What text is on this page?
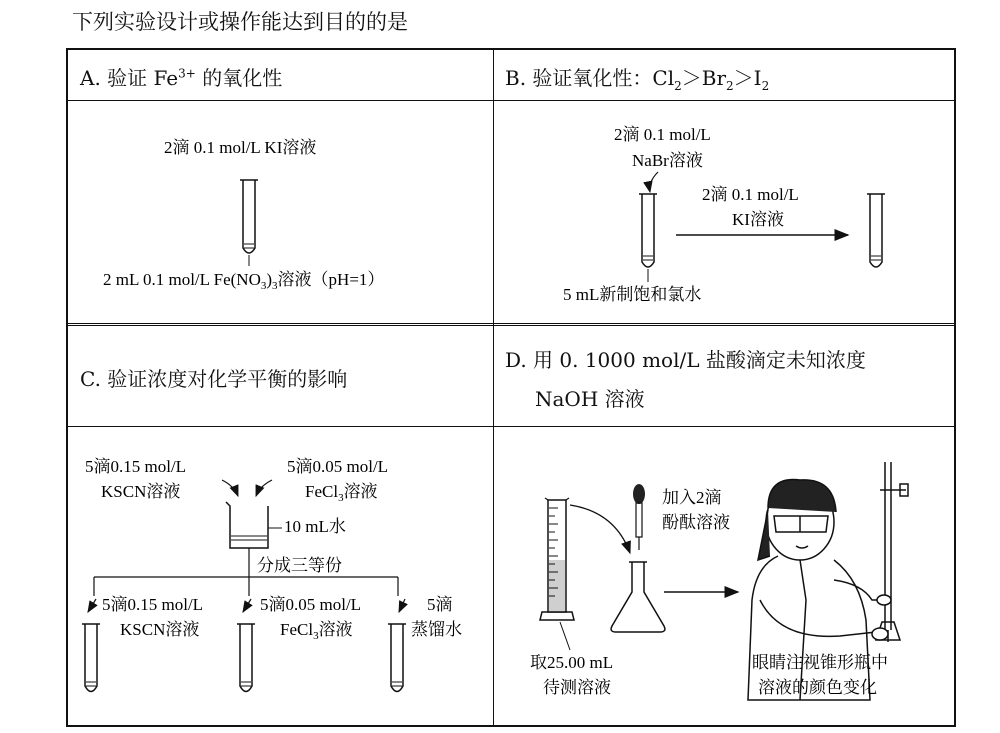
下列实验设计或操作能达到目的的是
A. 验证 $Fe^{3+}$ 的氧化性	B. 验证氧化性：$Cl_2>Br_2>I_2$
C. 验证浓度对化学平衡的影响
D. 用 0. 1000 mol/L 盐酸滴定未知浓度
NaOH 溶液
2滴 0.1 mol/L KI溶液
2 mL 0.1 mol/L $Fe(NO_3)_3$溶液（pH=1）
2滴 0.1 mol/L
NaBr溶液
2滴 0.1 mol/L
KI溶液
5 mL新制饱和氯水
5滴0.15 mol/L
KSCN溶液
5滴0.05 mol/L
FeCl$_3$溶液
10 mL水
分成三等份
5滴0.15 mol/L
KSCN溶液
5滴0.05 mol/L
FeCl$_3$溶液
5滴
蒸馏水
取25.00 mL
待测溶液
加入2滴
酚酞溶液
眼睛注视锥形瓶中
溶液的颜色变化
